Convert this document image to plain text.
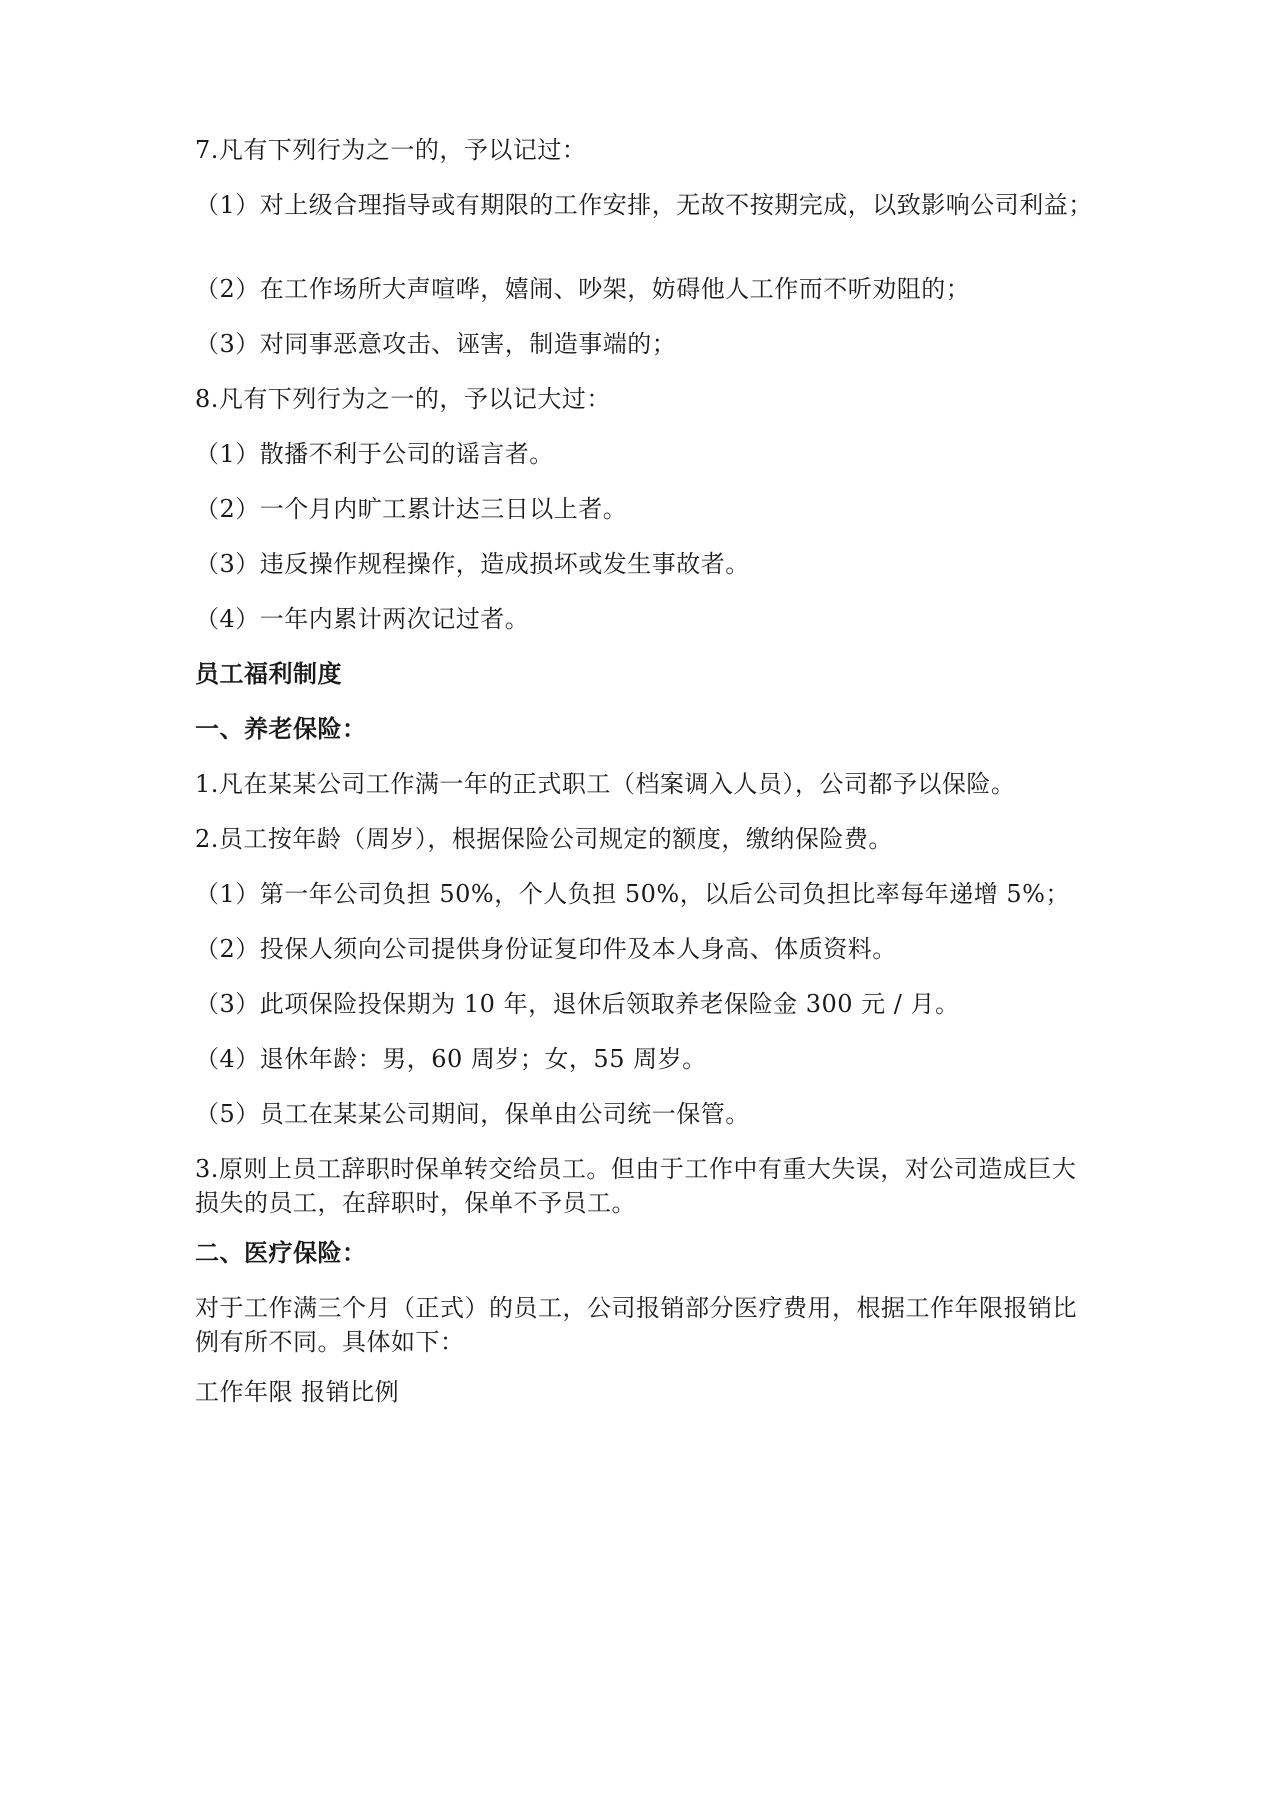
7.凡有下列行为之一的，予以记过：
（1）对上级合理指导或有期限的工作安排，无故不按期完成，以致影响公司利益；
（2）在工作场所大声喧哗，嬉闹、吵架，妨碍他人工作而不听劝阻的；
（3）对同事恶意攻击、诬害，制造事端的；
8.凡有下列行为之一的，予以记大过：
（1）散播不利于公司的谣言者。
（2）一个月内旷工累计达三日以上者。
（3）违反操作规程操作，造成损坏或发生事故者。
（4）一年内累计两次记过者。
员工福利制度
一、养老保险：
1.凡在某某公司工作满一年的正式职工（档案调入人员），公司都予以保险。
2.员工按年龄（周岁），根据保险公司规定的额度，缴纳保险费。
（1）第一年公司负担 50%，个人负担 50%，以后公司负担比率每年递增 5%；
（2）投保人须向公司提供身份证复印件及本人身高、体质资料。
（3）此项保险投保期为 10 年，退休后领取养老保险金 300 元 / 月。
（4）退休年龄：男，60 周岁；女，55 周岁。
（5）员工在某某公司期间，保单由公司统一保管。
3.原则上员工辞职时保单转交给员工。但由于工作中有重大失误，对公司造成巨大损失的员工，在辞职时，保单不予员工。
二、医疗保险：
对于工作满三个月（正式）的员工，公司报销部分医疗费用，根据工作年限报销比例有所不同。具体如下：
工作年限 报销比例
